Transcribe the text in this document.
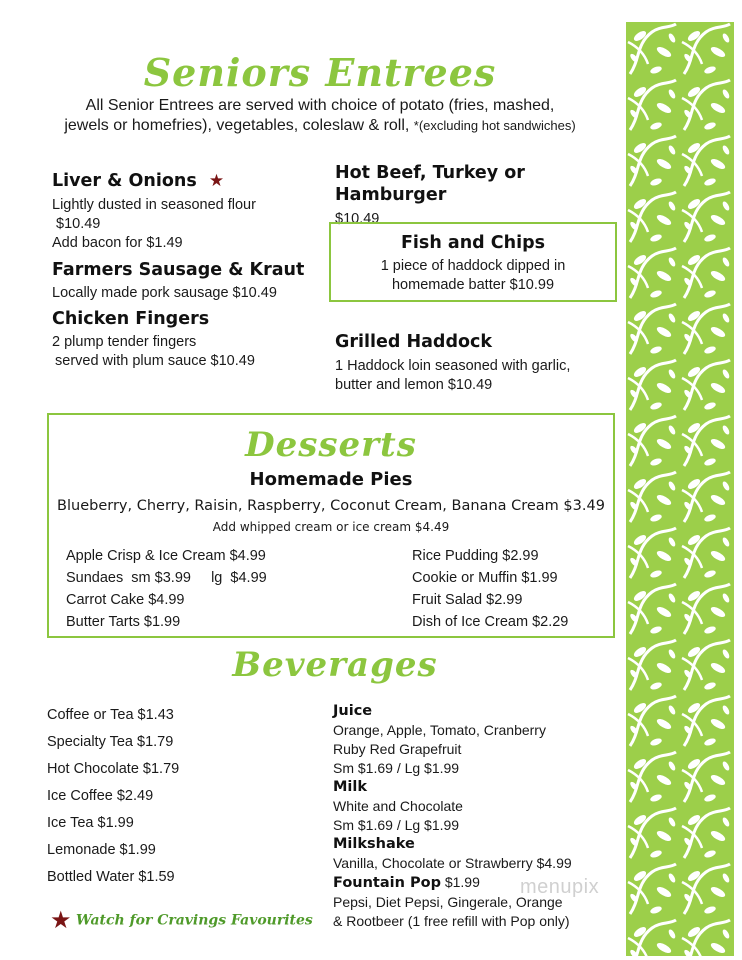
Seniors Entrees
All Senior Entrees are served with choice of potato (fries, mashed,
jewels or homefries), vegetables, coleslaw & roll, *(excluding hot sandwiches)
Liver & Onions ★
Lightly dusted in seasoned flour
$10.49
Add bacon for $1.49
Farmers Sausage & Kraut
Locally made pork sausage $10.49
Chicken Fingers
2 plump tender fingers
served with plum sauce $10.49
Hot Beef, Turkey or Hamburger
$10.49
Fish and Chips
1 piece of haddock dipped in
homemade batter $10.99
Grilled Haddock
1 Haddock loin seasoned with garlic,
butter and lemon $10.49
Desserts
Homemade Pies
Blueberry, Cherry, Raisin, Raspberry, Coconut Cream, Banana Cream $3.49
Add whipped cream or ice cream $4.49
Apple Crisp & Ice Cream $4.99
Sundaes  sm $3.99     lg  $4.99
Carrot Cake $4.99
Butter Tarts $1.99
Rice Pudding $2.99
Cookie or Muffin $1.99
Fruit Salad $2.99
Dish of Ice Cream $2.29
Beverages
Coffee or Tea $1.43
Specialty Tea $1.79
Hot Chocolate $1.79
Ice Coffee $2.49
Ice Tea $1.99
Lemonade $1.99
Bottled Water $1.59
Juice
Orange, Apple, Tomato, Cranberry
Ruby Red Grapefruit
Sm $1.69 / Lg $1.99
Milk
White and Chocolate
Sm $1.69 / Lg $1.99
Milkshake
Vanilla, Chocolate or Strawberry $4.99
Fountain Pop $1.99
Pepsi, Diet Pepsi, Gingerale, Orange
& Rootbeer (1 free refill with Pop only)
★ Watch for Cravings Favourites
menupix
